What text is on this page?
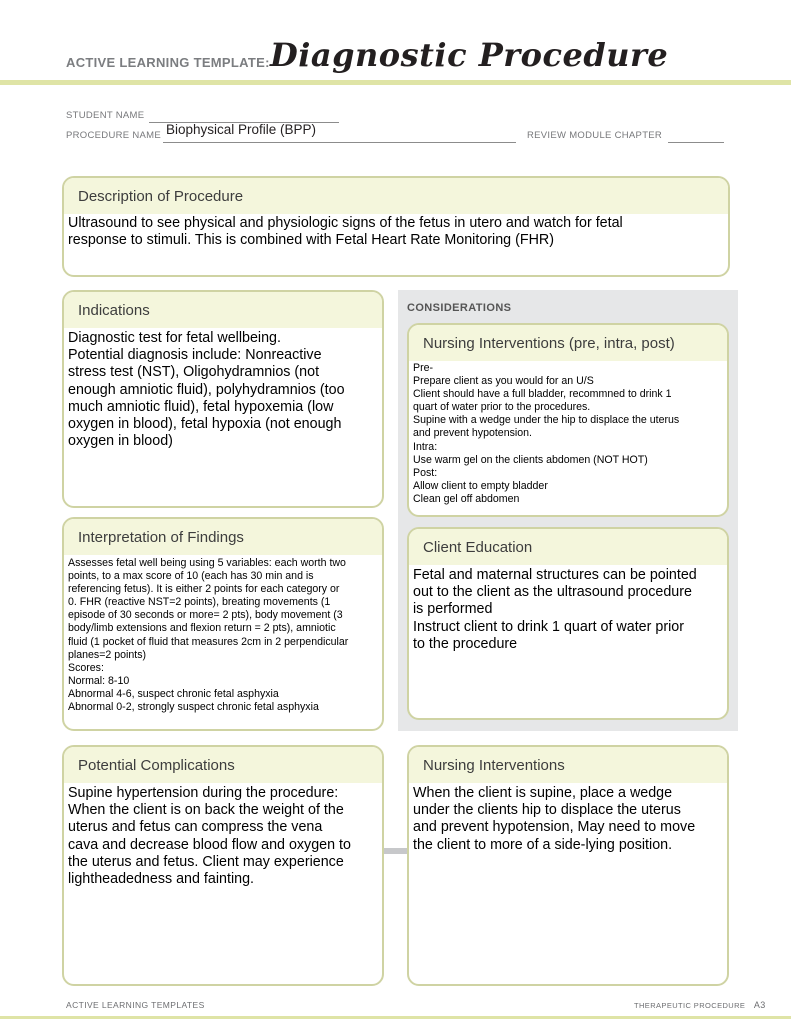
ACTIVE LEARNING TEMPLATE: Diagnostic Procedure
STUDENT NAME
PROCEDURE NAME Biophysical Profile (BPP)	REVIEW MODULE CHAPTER
Description of Procedure
Ultrasound to see physical and physiologic signs of the fetus in utero and watch for fetal
response to stimuli. This is combined with Fetal Heart Rate Monitoring (FHR)
CONSIDERATIONS
Indications
Diagnostic test for fetal wellbeing.
Potential diagnosis include: Nonreactive
stress test (NST), Oligohydramnios (not
enough amniotic fluid), polyhydramnios (too
much amniotic fluid), fetal hypoxemia (low
oxygen in blood), fetal hypoxia (not enough
oxygen in blood)
Nursing Interventions (pre, intra, post)
Pre-
Prepare client as you would for an U/S
Client should have a full bladder, recommned to drink 1
quart of water prior to the procedures.
Supine with a wedge under the hip to displace the uterus
and prevent hypotension.
Intra:
Use warm gel on the clients abdomen (NOT HOT)
Post:
Allow client to empty bladder
Clean gel off abdomen
Interpretation of Findings
Assesses fetal well being using 5 variables: each worth two
points, to a max score of 10 (each has 30 min and is
referencing fetus). It is either 2 points for each category or
0. FHR (reactive NST=2 points), breating movements (1
episode of 30 seconds or more= 2 pts), body movement (3
body/limb extensions and flexion return = 2 pts), amniotic
fluid (1 pocket of fluid that measures 2cm in 2 perpendicular
planes=2 points)
Scores:
Normal: 8-10
Abnormal 4-6, suspect chronic fetal asphyxia
Abnormal 0-2, strongly suspect chronic fetal asphyxia
Client Education
Fetal and maternal structures can be pointed
out to the client as the ultrasound procedure
is performed
Instruct client to drink 1 quart of water prior
to the procedure
Potential Complications
Supine hypertension during the procedure:
When the client is on back the weight of the
uterus and fetus can compress the vena
cava and decrease blood flow and oxygen to
the uterus and fetus. Client may experience
lightheadedness and fainting.
Nursing Interventions
When the client is supine, place a wedge
under the clients hip to displace the uterus
and prevent hypotension, May need to move
the client to more of a side-lying position.
ACTIVE LEARNING TEMPLATES	THERAPEUTIC PROCEDURE A3
